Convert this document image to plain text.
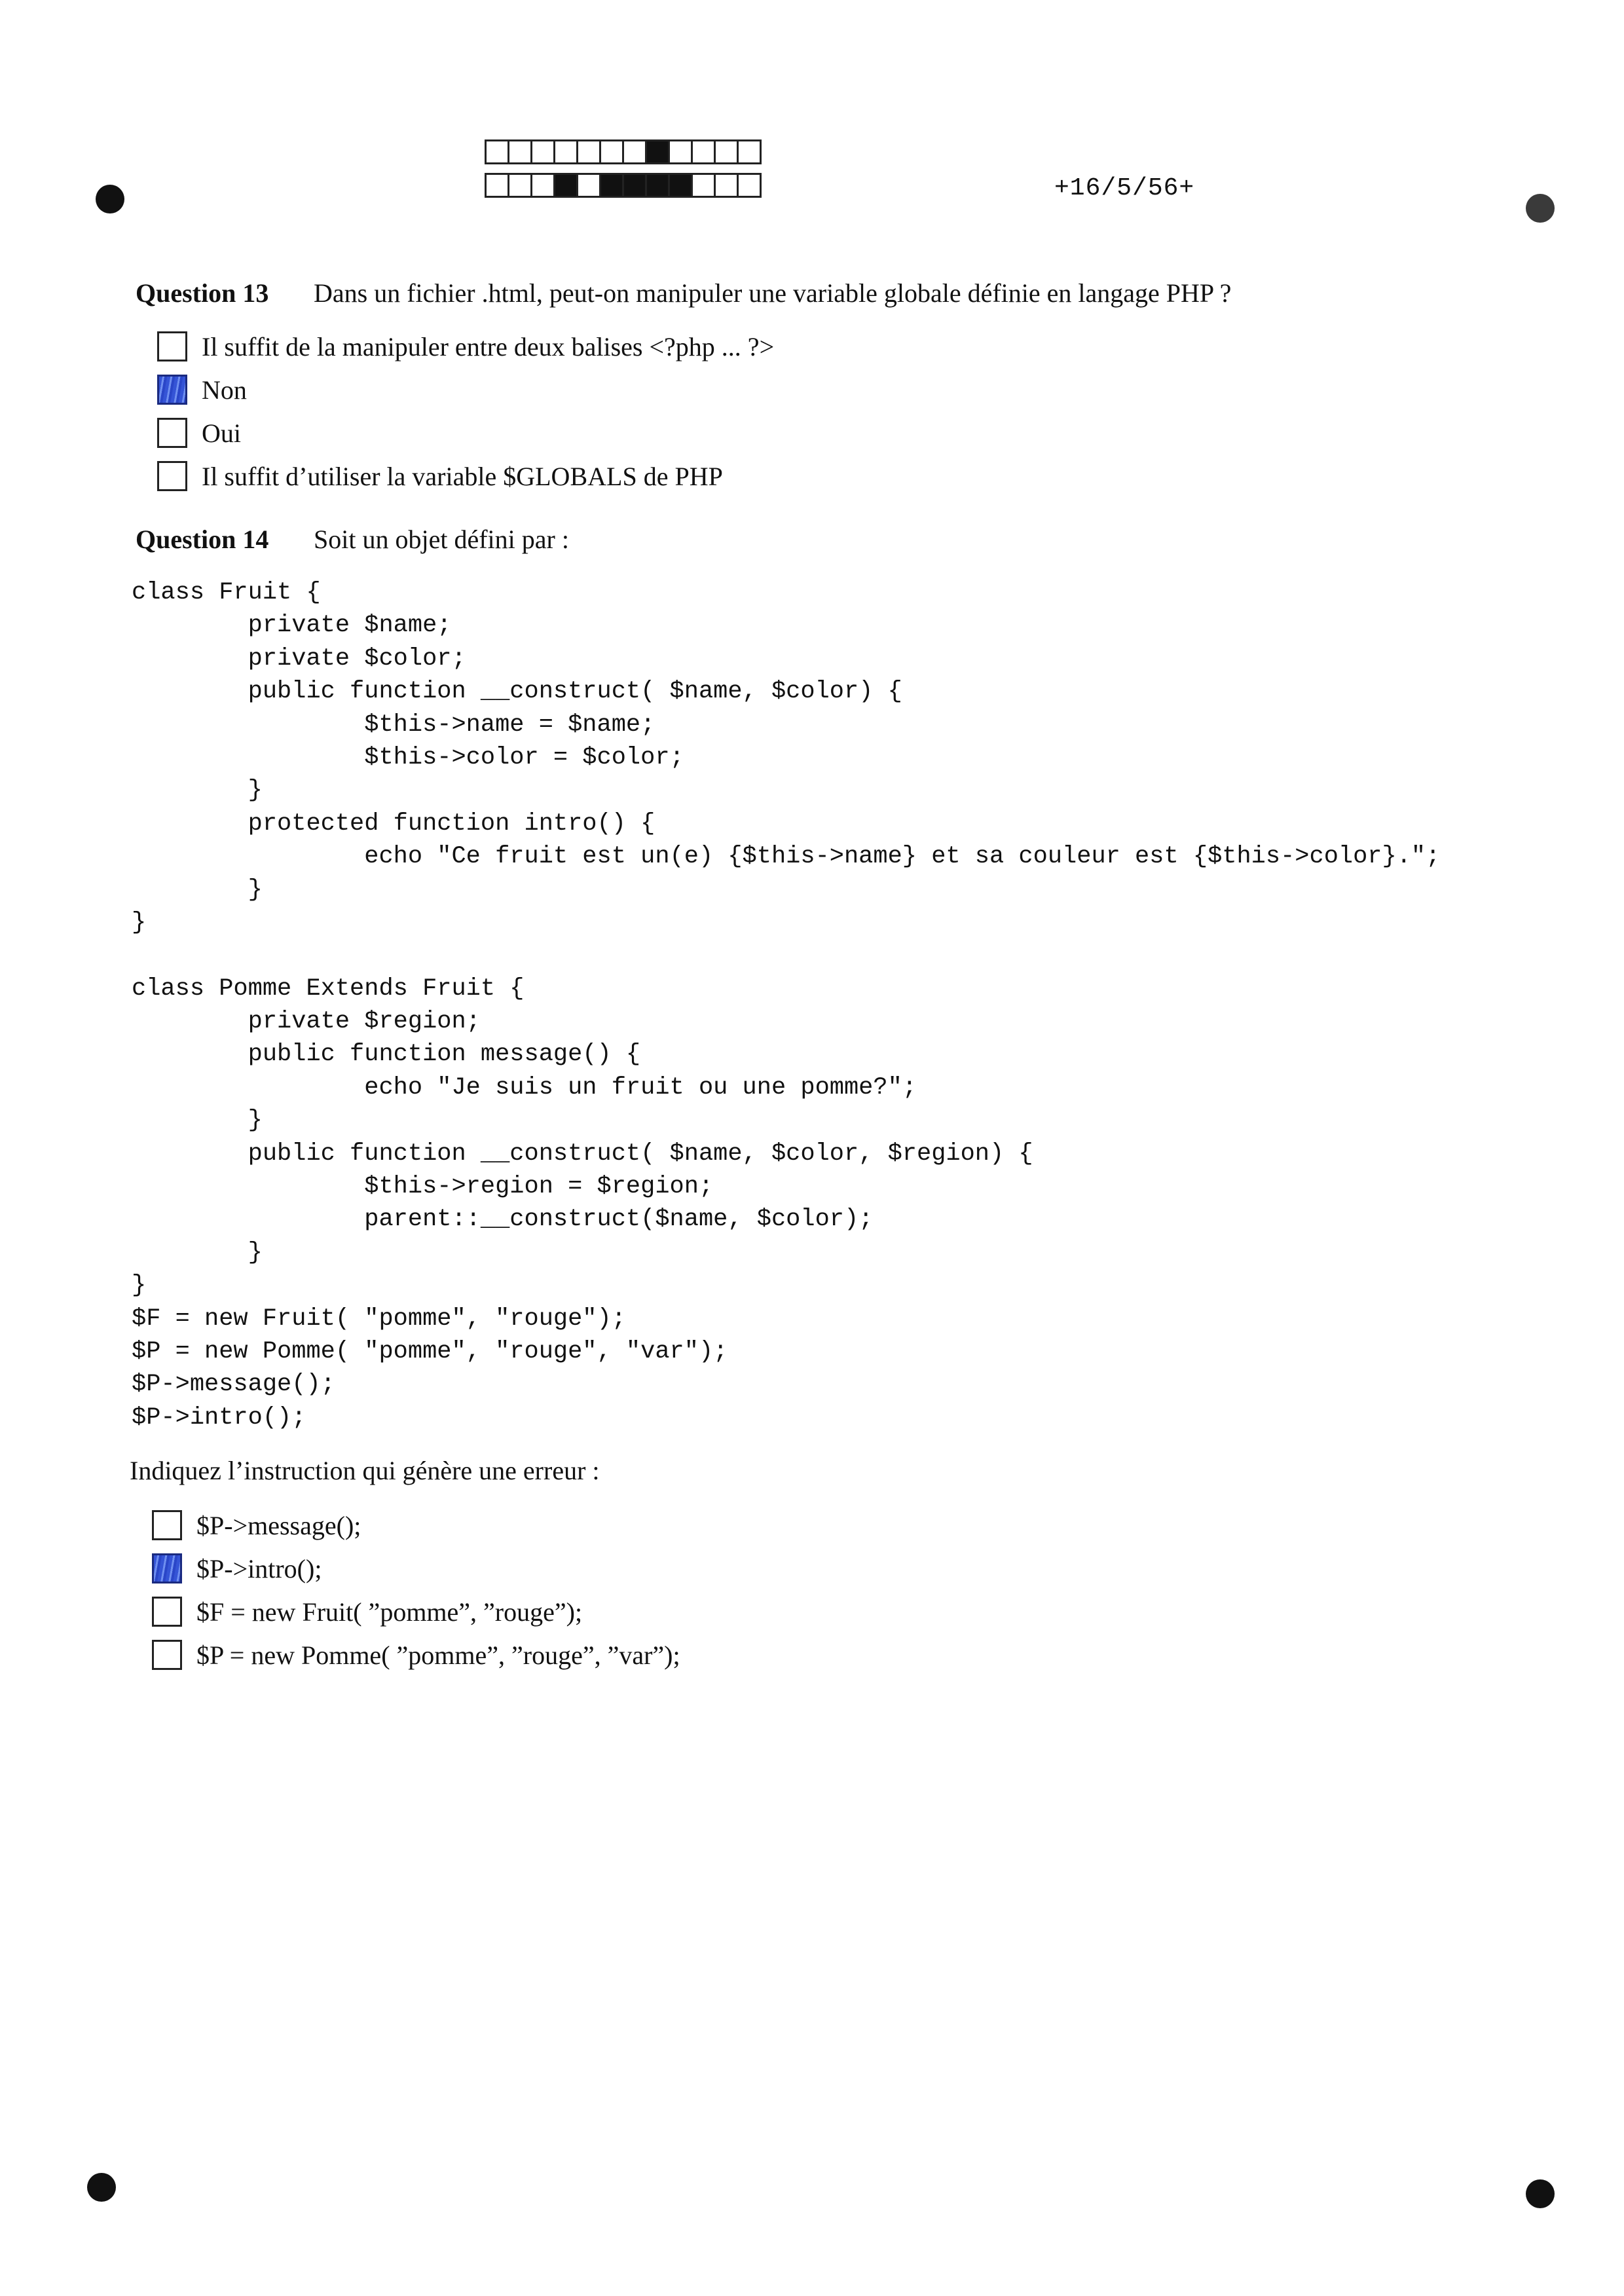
+16/5/56+
Question 13	Dans un fichier .html, peut-on manipuler une variable globale définie en langage PHP ?
Il suffit de la manipuler entre deux balises <?php ... ?>
Non
Oui
Il suffit d’utiliser la variable $GLOBALS de PHP
Question 14	Soit un objet défini par :
class Fruit {
private $name;
private $color;
public function __construct( $name, $color) {
$this->name = $name;
$this->color = $color;
}
protected function intro() {
echo "Ce fruit est un(e) {$this->name} et sa couleur est {$this->color}.";
}
}
class Pomme Extends Fruit {
private $region;
public function message() {
echo "Je suis un fruit ou une pomme?";
}
public function __construct( $name, $color, $region) {
$this->region = $region;
parent::__construct($name, $color);
}
}
$F = new Fruit( "pomme", "rouge");
$P = new Pomme( "pomme", "rouge", "var");
$P->message();
$P->intro();
Indiquez l’instruction qui génère une erreur :
$P->message();
$P->intro();
$F = new Fruit( ”pomme”, ”rouge”);
$P = new Pomme( ”pomme”, ”rouge”, ”var”);
